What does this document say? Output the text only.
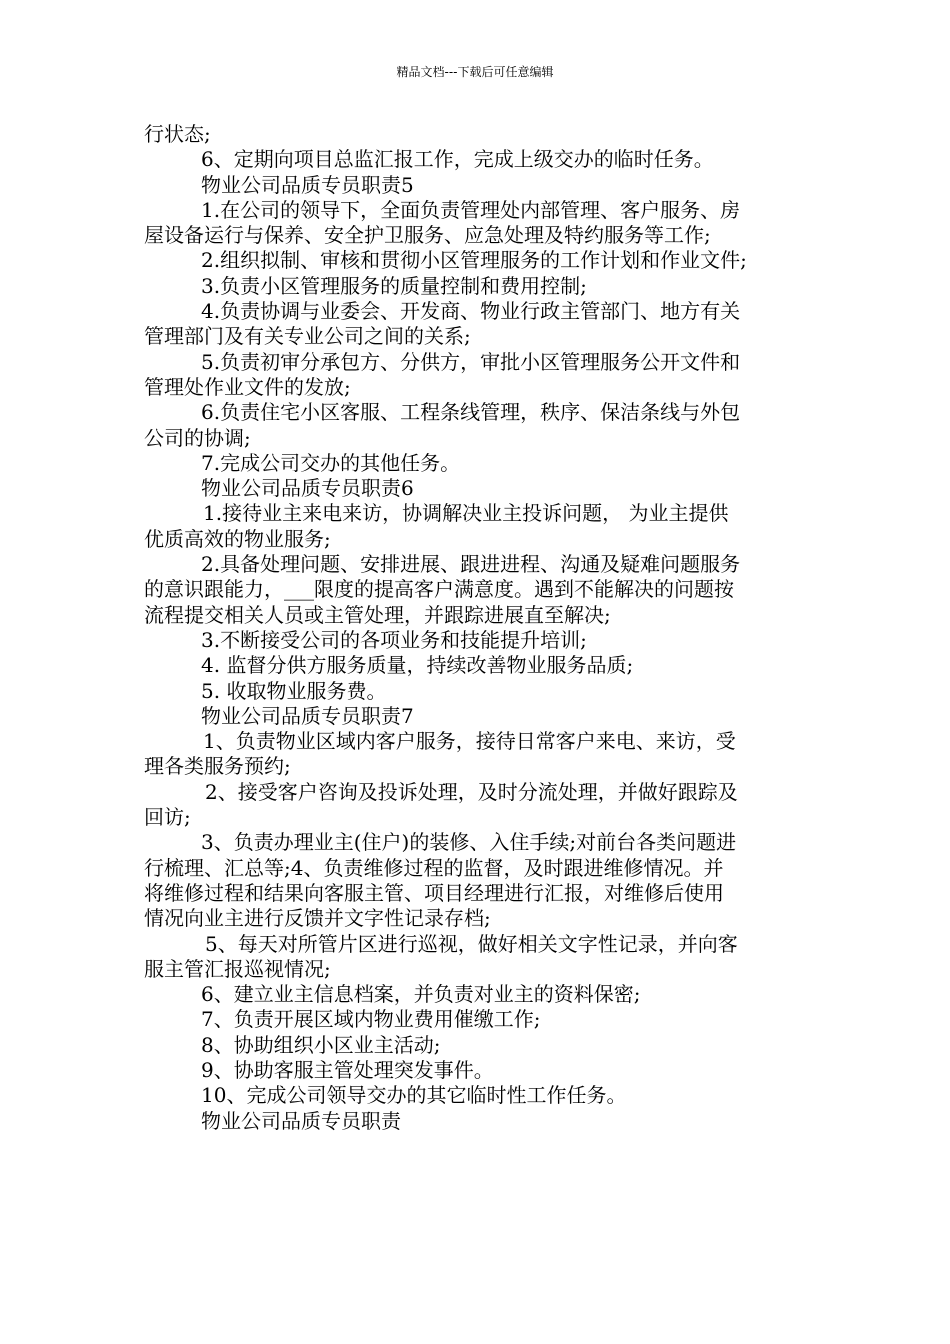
精品文档---下载后可任意编辑
行状态;
6、定期向项目总监汇报工作，完成上级交办的临时任务。
物业公司品质专员职责5
1.在公司的领导下，全面负责管理处内部管理、客户服务、房
屋设备运行与保养、安全护卫服务、应急处理及特约服务等工作;
2.组织拟制、审核和贯彻小区管理服务的工作计划和作业文件;
3.负责小区管理服务的质量控制和费用控制;
4.负责协调与业委会、开发商、物业行政主管部门、地方有关
管理部门及有关专业公司之间的关系;
5.负责初审分承包方、分供方，审批小区管理服务公开文件和
管理处作业文件的发放;
6.负责住宅小区客服、工程条线管理，秩序、保洁条线与外包
公司的协调;
7.完成公司交办的其他任务。
物业公司品质专员职责6
1.接待业主来电来访，协调解决业主投诉问题， 为业主提供
优质高效的物业服务;
2.具备处理问题、安排进展、跟进进程、沟通及疑难问题服务
的意识跟能力，___限度的提高客户满意度。遇到不能解决的问题按
流程提交相关人员或主管处理，并跟踪进展直至解决;
3.不断接受公司的各项业务和技能提升培训;
4. 监督分供方服务质量，持续改善物业服务品质;
5. 收取物业服务费。
物业公司品质专员职责7
1、负责物业区域内客户服务，接待日常客户来电、来访，受
理各类服务预约;
2、接受客户咨询及投诉处理，及时分流处理，并做好跟踪及
回访;
3、负责办理业主(住户)的装修、入住手续;对前台各类问题进
行梳理、汇总等;4、负责维修过程的监督，及时跟进维修情况。并
将维修过程和结果向客服主管、项目经理进行汇报，对维修后使用
情况向业主进行反馈并文字性记录存档;
5、每天对所管片区进行巡视，做好相关文字性记录，并向客
服主管汇报巡视情况;
6、建立业主信息档案，并负责对业主的资料保密;
7、负责开展区域内物业费用催缴工作;
8、协助组织小区业主活动;
9、协助客服主管处理突发事件。
10、完成公司领导交办的其它临时性工作任务。
物业公司品质专员职责
